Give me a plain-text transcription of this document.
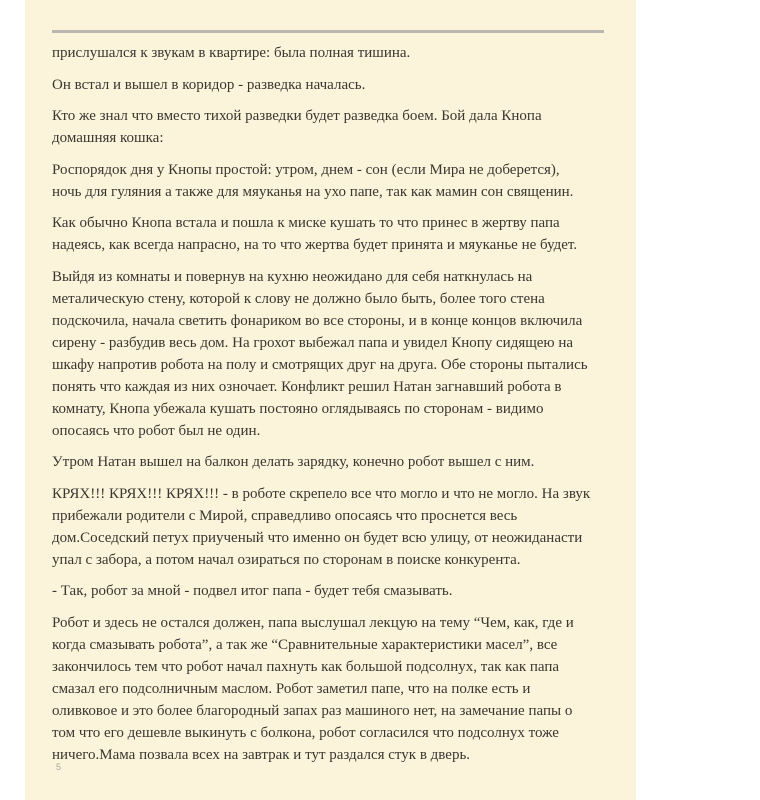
прислушался к звукам в квартире: была полная тишина.

Он встал и вышел в коридор - разведка началась.

Кто же знал что вместо тихой разведки будет разведка боем. Бой дала Кнопа
домашняя кошка:

Роспорядок дня у Кнопы простой: утром, днем - сон (если Мира не доберется),
ночь для гуляния а также для мяуканья на ухо папе, так как мамин сон священин.

Как обычно Кнопа встала и пошла к миске кушать то что принес в жертву папа
надеясь, как всегда напрасно, на то что жертва будет принята и мяуканье не будет.

Выйдя из комнаты и повернув на кухню неожидано для себя наткнулась на
металическую стену, которой к слову не должно было быть, более того стена
подскочила, начала светить фонариком во все стороны, и в конце концов включила
сирену - разбудив весь дом. На грохот выбежал папа и увидел Кнопу сидящею на
шкафу напротив робота на полу и смотрящих друг на друга. Обе стороны пытались
понять что каждая из них озночает. Конфликт решил Натан загнавший робота в
комнату, Кнопа убежала кушать постояно оглядываясь по сторонам - видимо
опосаясь что робот был не один.

Утром Натан вышел на балкон делать зарядку, конечно робот вышел с ним.

КРЯХ!!! КРЯХ!!! КРЯХ!!! - в роботе скрепело все что могло и что не могло. На звук
прибежали родители с Мирой, справедливо опосаясь что проснется весь
дом.Соседский петух приученый что именно он будет всю улицу, от неожиданасти
упал с забора, а потом начал озираться по сторонам в поиске конкурента.

- Так, робот за мной - подвел итог папа - будет тебя смазывать.

Робот и здесь не остался должен, папа выслушал лекцую на тему “Чем, как, где и
когда смазывать робота”, а так же “Сравнительные характеристики масел”, все
закончилось тем что робот начал пахнуть как большой подсолнух, так как папа
смазал его подсолничным маслом. Робот заметил папе, что на полке есть и
оливковое и это более благородный запах раз машиного нет, на замечание папы о
том что его дешевле выкинуть с болкона, робот согласился что подсолнух тоже
ничего.Мама позвала всех на завтрак и тут раздался стук в дверь.

5
